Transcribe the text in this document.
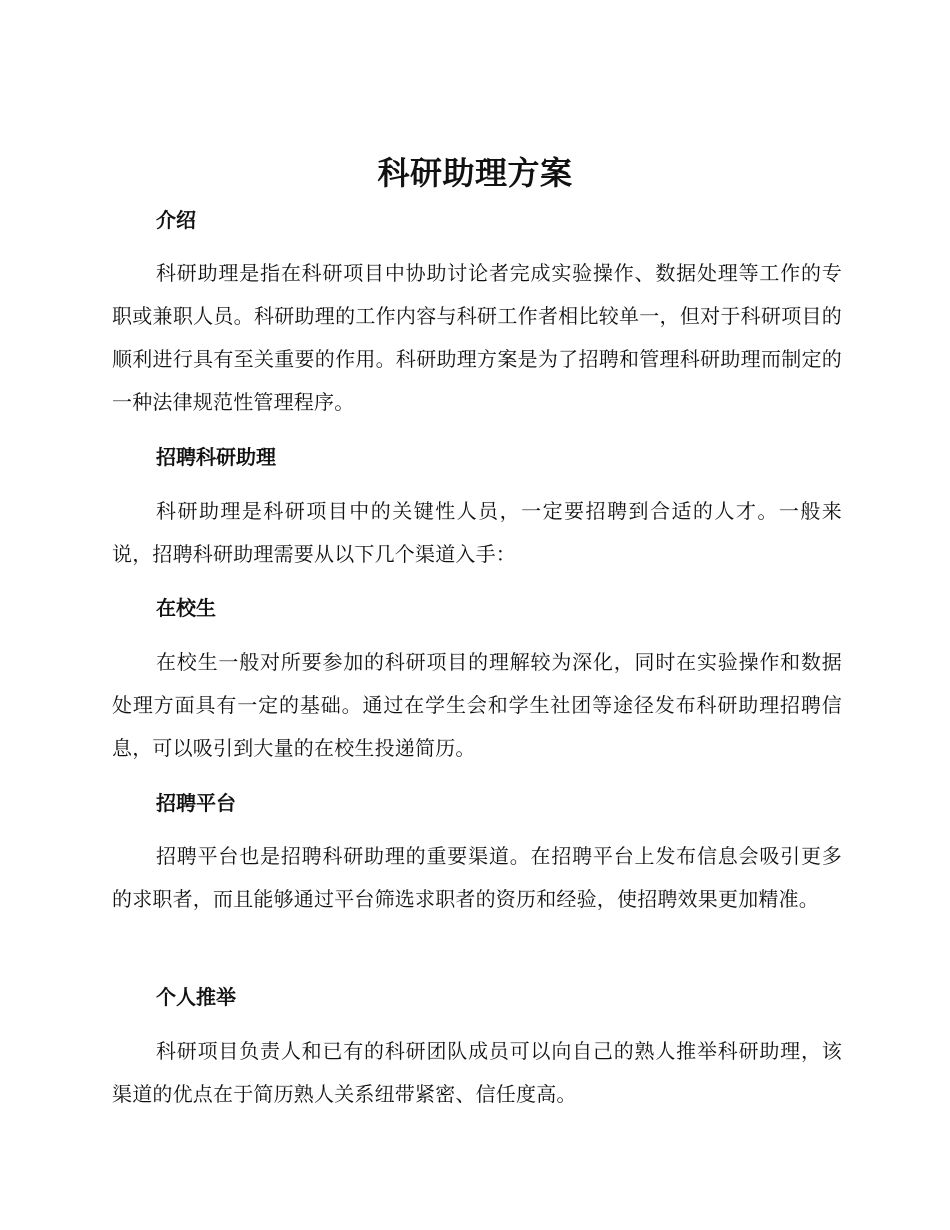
科研助理方案
介绍

科研助理是指在科研项目中协助讨论者完成实验操作、数据处理等工作的专职或兼职人员。科研助理的工作内容与科研工作者相比较单一，但对于科研项目的顺利进行具有至关重要的作用。科研助理方案是为了招聘和管理科研助理而制定的一种法律规范性管理程序。

招聘科研助理

科研助理是科研项目中的关键性人员，一定要招聘到合适的人才。一般来说，招聘科研助理需要从以下几个渠道入手：

在校生

在校生一般对所要参加的科研项目的理解较为深化，同时在实验操作和数据处理方面具有一定的基础。通过在学生会和学生社团等途径发布科研助理招聘信息，可以吸引到大量的在校生投递简历。

招聘平台

招聘平台也是招聘科研助理的重要渠道。在招聘平台上发布信息会吸引更多的求职者，而且能够通过平台筛选求职者的资历和经验，使招聘效果更加精准。

个人推举

科研项目负责人和已有的科研团队成员可以向自己的熟人推举科研助理，该渠道的优点在于简历熟人关系纽带紧密、信任度高。
